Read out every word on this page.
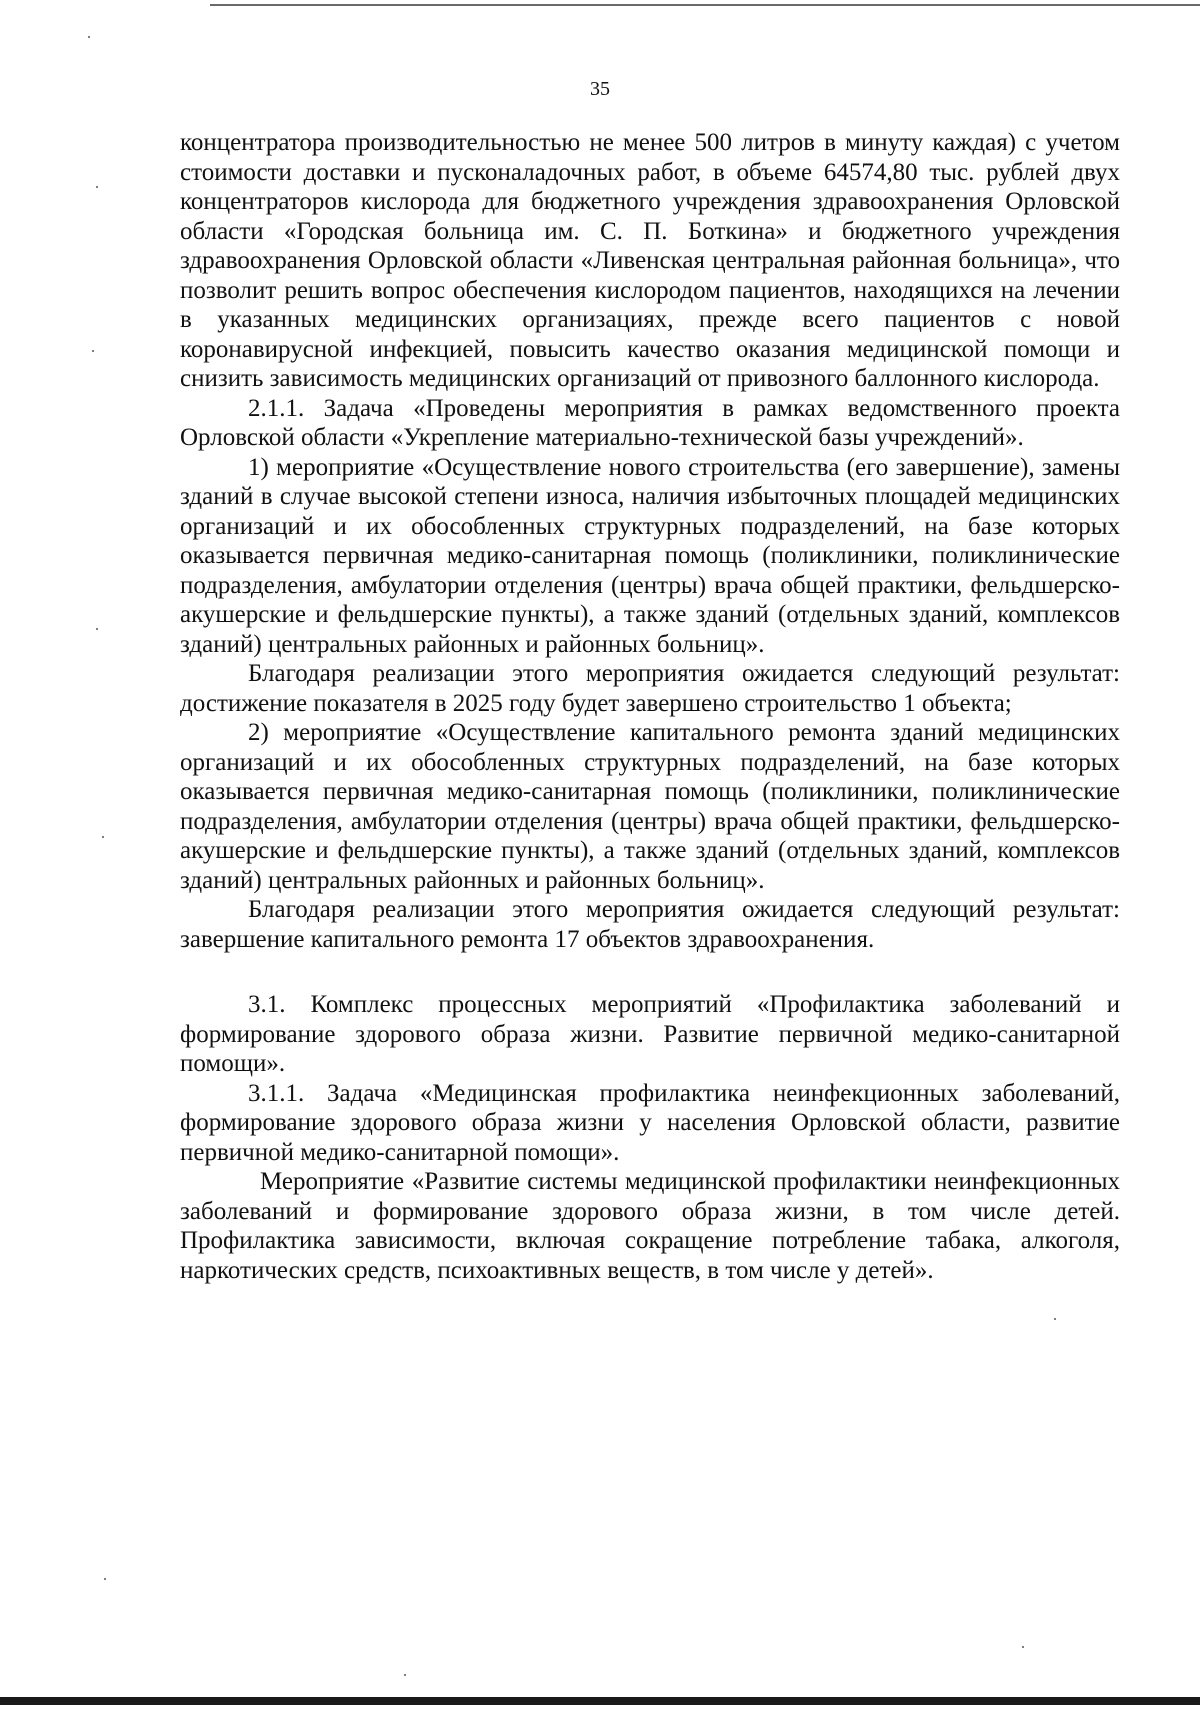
35

концентратора производительностью не менее 500 литров в минуту каждая) с учетом стоимости доставки и пусконаладочных работ, в объеме 64574,80 тыс. рублей двух концентраторов кислорода для бюджетного учреждения здравоохранения Орловской области «Городская больница им. С. П. Боткина» и бюджетного учреждения здравоохранения Орловской области «Ливенская центральная районная больница», что позволит решить вопрос обеспечения кислородом пациентов, находящихся на лечении в указанных медицинских организациях, прежде всего пациентов с новой коронавирусной инфекцией, повысить качество оказания медицинской помощи и снизить зависимость медицинских организаций от привозного баллонного кислорода.

2.1.1. Задача «Проведены мероприятия в рамках ведомственного проекта Орловской области «Укрепление материально-технической базы учреждений».

1) мероприятие «Осуществление нового строительства (его завершение), замены зданий в случае высокой степени износа, наличия избыточных площадей медицинских организаций и их обособленных структурных подразделений, на базе которых оказывается первичная медико-санитарная помощь (поликлиники, поликлинические подразделения, амбулатории отделения (центры) врача общей практики, фельдшерско-акушерские и фельдшерские пункты), а также зданий (отдельных зданий, комплексов зданий) центральных районных и районных больниц».

Благодаря реализации этого мероприятия ожидается следующий результат: достижение показателя в 2025 году будет завершено строительство 1 объекта;

2) мероприятие «Осуществление капитального ремонта зданий медицинских организаций и их обособленных структурных подразделений, на базе которых оказывается первичная медико-санитарная помощь (поликлиники, поликлинические подразделения, амбулатории отделения (центры) врача общей практики, фельдшерско-акушерские и фельдшерские пункты), а также зданий (отдельных зданий, комплексов зданий) центральных районных и районных больниц».

Благодаря реализации этого мероприятия ожидается следующий результат: завершение капитального ремонта 17 объектов здравоохранения.

3.1. Комплекс процессных мероприятий «Профилактика заболеваний и формирование здорового образа жизни. Развитие первичной медико-санитарной помощи».

3.1.1. Задача «Медицинская профилактика неинфекционных заболеваний, формирование здорового образа жизни у населения Орловской области, развитие первичной медико-санитарной помощи».

Мероприятие «Развитие системы медицинской профилактики неинфекционных заболеваний и формирование здорового образа жизни, в том числе детей. Профилактика зависимости, включая сокращение потребление табака, алкоголя, наркотических средств, психоактивных веществ, в том числе у детей».
